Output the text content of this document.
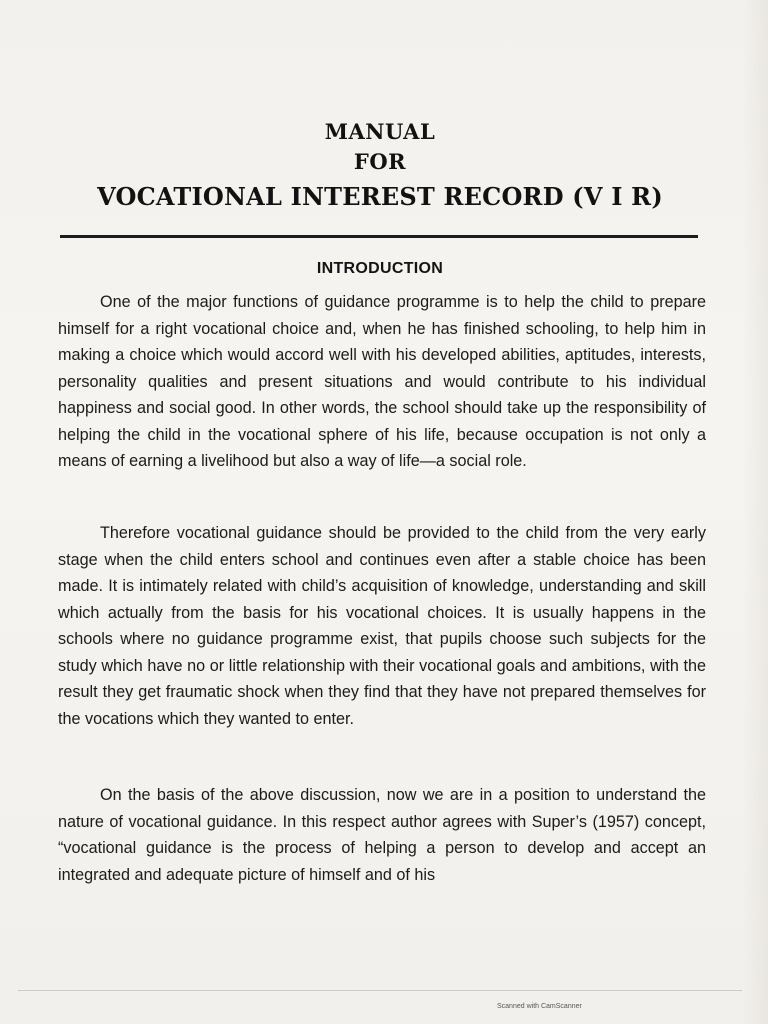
MANUAL
FOR
VOCATIONAL INTEREST RECORD (V I R)
INTRODUCTION

One of the major functions of guidance programme is to help the child to prepare himself for a right vocational choice and, when he has finished schooling, to help him in making a choice which would accord well with his developed abilities, aptitudes, interests, personality qualities and present situations and would contribute to his individual happiness and social good. In other words, the school should take up the responsibility of helping the child in the vocational sphere of his life, because occupation is not only a means of earning a livelihood but also a way of life—a social role.

Therefore vocational guidance should be provided to the child from the very early stage when the child enters school and continues even after a stable choice has been made. It is intimately related with child’s acquisition of knowledge, understanding and skill which actually from the basis for his vocational choices. It is usually happens in the schools where no guidance programme exist, that pupils choose such subjects for the study which have no or little relationship with their vocational goals and ambitions, with the result they get fraumatic shock when they find that they have not prepared themselves for the vocations which they wanted to enter.

On the basis of the above discussion, now we are in a position to understand the nature of vocational guidance. In this respect author agrees with Super’s (1957) concept, “vocational guidance is the process of helping a person to develop and accept an integrated and adequate picture of himself and of his

Scanned with CamScanner
